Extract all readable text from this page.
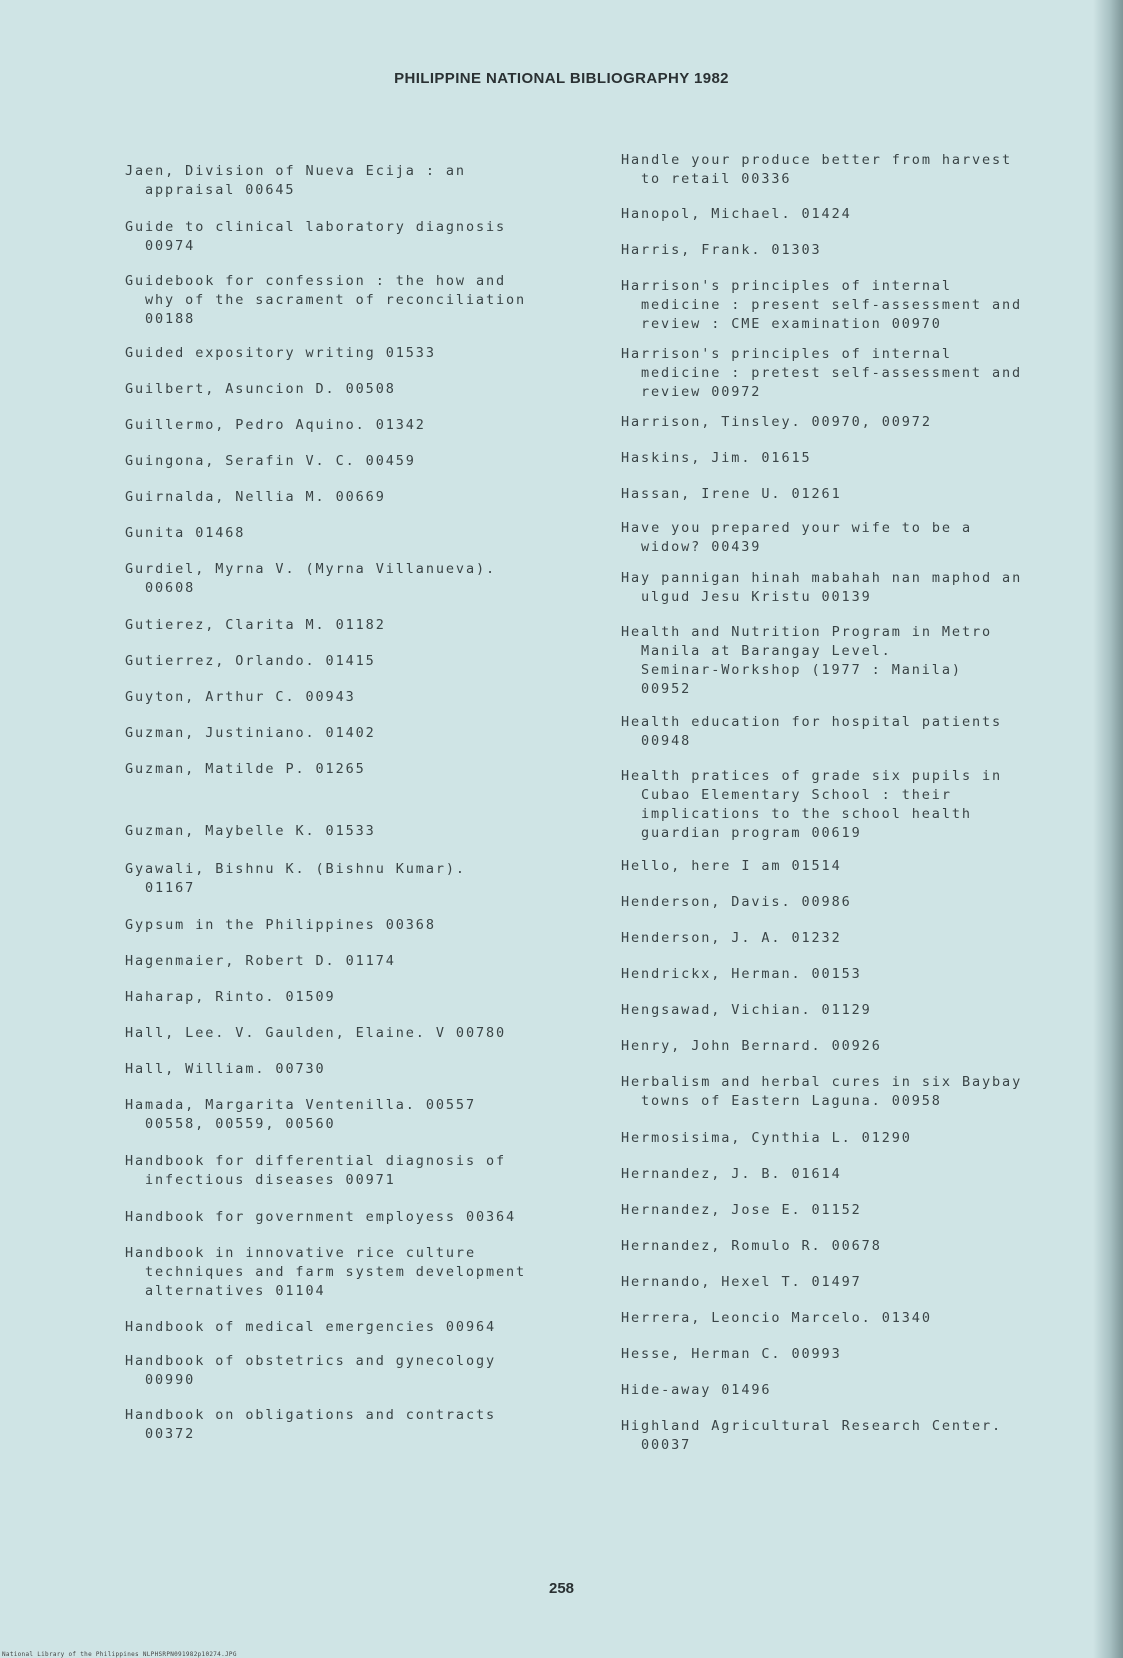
PHILIPPINE NATIONAL BIBLIOGRAPHY 1982
Jaen, Division of Nueva Ecija : an
appraisal 00645
Guide to clinical laboratory diagnosis
00974
Guidebook for confession : the how and
why of the sacrament of reconciliation
00188
Guided expository writing 01533
Guilbert, Asuncion D. 00508
Guillermo, Pedro Aquino. 01342
Guingona, Serafin V. C. 00459
Guirnalda, Nellia M. 00669
Gunita 01468
Gurdiel, Myrna V. (Myrna Villanueva).
00608
Gutierez, Clarita M. 01182
Gutierrez, Orlando. 01415
Guyton, Arthur C. 00943
Guzman, Justiniano. 01402
Guzman, Matilde P. 01265
Guzman, Maybelle K. 01533
Gyawali, Bishnu K. (Bishnu Kumar).
01167
Gypsum in the Philippines 00368
Hagenmaier, Robert D. 01174
Haharap, Rinto. 01509
Hall, Lee. V. Gaulden, Elaine. V 00780
Hall, William. 00730
Hamada, Margarita Ventenilla. 00557
00558, 00559, 00560
Handbook for differential diagnosis of
infectious diseases 00971
Handbook for government employess 00364
Handbook in innovative rice culture
techniques and farm system development
alternatives 01104
Handbook of medical emergencies 00964
Handbook of obstetrics and gynecology
00990
Handbook on obligations and contracts
00372
Handle your produce better from harvest
to retail 00336
Hanopol, Michael. 01424
Harris, Frank. 01303
Harrison's principles of internal
medicine : present self-assessment and
review : CME examination 00970
Harrison's principles of internal
medicine : pretest self-assessment and
review 00972
Harrison, Tinsley. 00970, 00972
Haskins, Jim. 01615
Hassan, Irene U. 01261
Have you prepared your wife to be a
widow? 00439
Hay pannigan hinah mabahah nan maphod an
ulgud Jesu Kristu 00139
Health and Nutrition Program in Metro
Manila at Barangay Level.
Seminar-Workshop (1977 : Manila)
00952
Health education for hospital patients
00948
Health pratices of grade six pupils in
Cubao Elementary School : their
implications to the school health
guardian program 00619
Hello, here I am 01514
Henderson, Davis. 00986
Henderson, J. A. 01232
Hendrickx, Herman. 00153
Hengsawad, Vichian. 01129
Henry, John Bernard. 00926
Herbalism and herbal cures in six Baybay
towns of Eastern Laguna. 00958
Hermosisima, Cynthia L. 01290
Hernandez, J. B. 01614
Hernandez, Jose E. 01152
Hernandez, Romulo R. 00678
Hernando, Hexel T. 01497
Herrera, Leoncio Marcelo. 01340
Hesse, Herman C. 00993
Hide-away 01496
Highland Agricultural Research Center.
00037
258
National Library of the Philippines NLPHSRPN091982p10274.JPG
